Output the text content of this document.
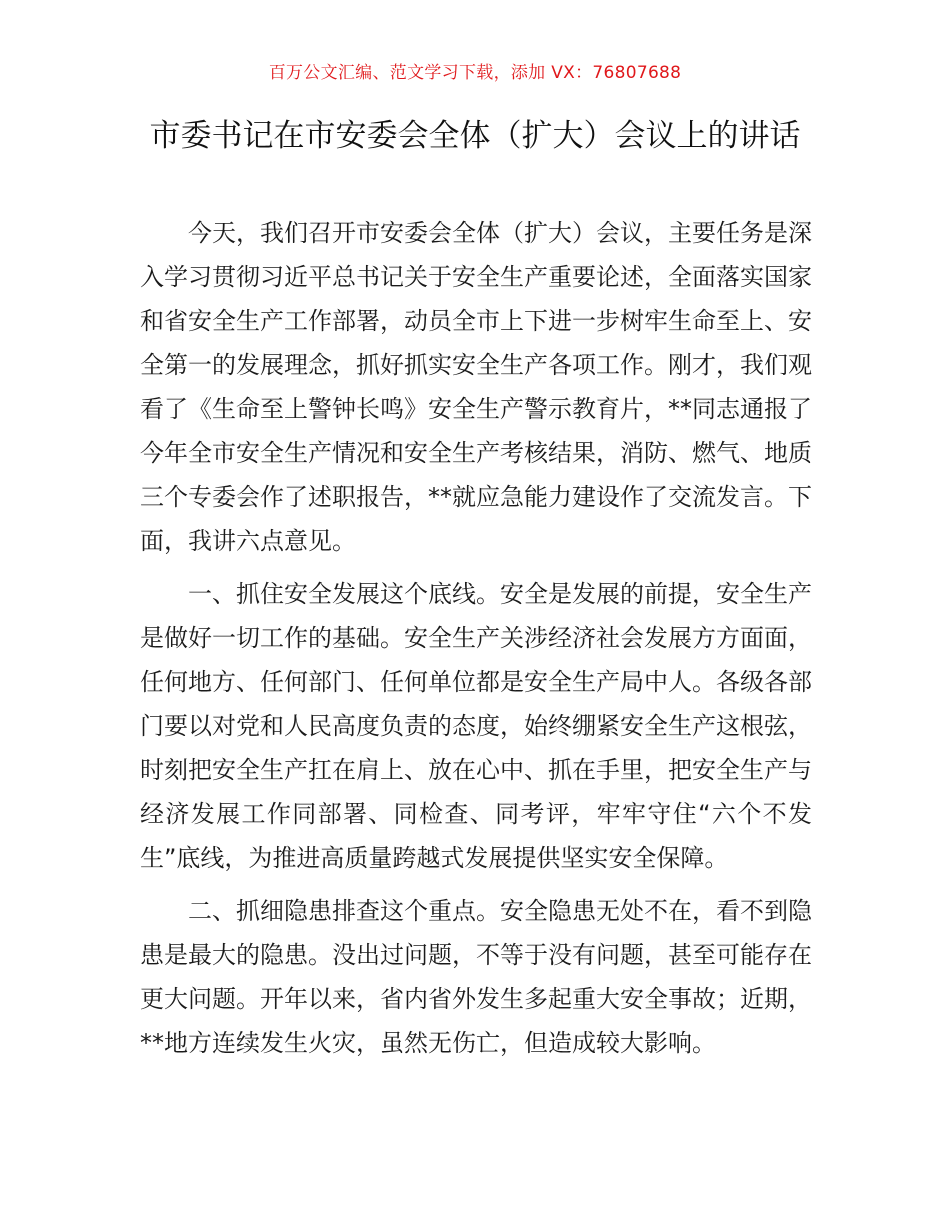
百万公文汇编、范文学习下载，添加 VX：76807688
市委书记在市安委会全体（扩大）会议上的讲话

今天，我们召开市安委会全体（扩大）会议，主要任务是深入学习贯彻习近平总书记关于安全生产重要论述，全面落实国家和省安全生产工作部署，动员全市上下进一步树牢生命至上、安全第一的发展理念，抓好抓实安全生产各项工作。刚才，我们观看了《生命至上警钟长鸣》安全生产警示教育片，**同志通报了今年全市安全生产情况和安全生产考核结果，消防、燃气、地质三个专委会作了述职报告，**就应急能力建设作了交流发言。下面，我讲六点意见。

一、抓住安全发展这个底线。安全是发展的前提，安全生产是做好一切工作的基础。安全生产关涉经济社会发展方方面面，任何地方、任何部门、任何单位都是安全生产局中人。各级各部门要以对党和人民高度负责的态度，始终绷紧安全生产这根弦，时刻把安全生产扛在肩上、放在心中、抓在手里，把安全生产与经济发展工作同部署、同检查、同考评，牢牢守住“六个不发生”底线，为推进高质量跨越式发展提供坚实安全保障。

二、抓细隐患排查这个重点。安全隐患无处不在，看不到隐患是最大的隐患。没出过问题，不等于没有问题，甚至可能存在更大问题。开年以来，省内省外发生多起重大安全事故；近期，**地方连续发生火灾，虽然无伤亡，但造成较大影响。
